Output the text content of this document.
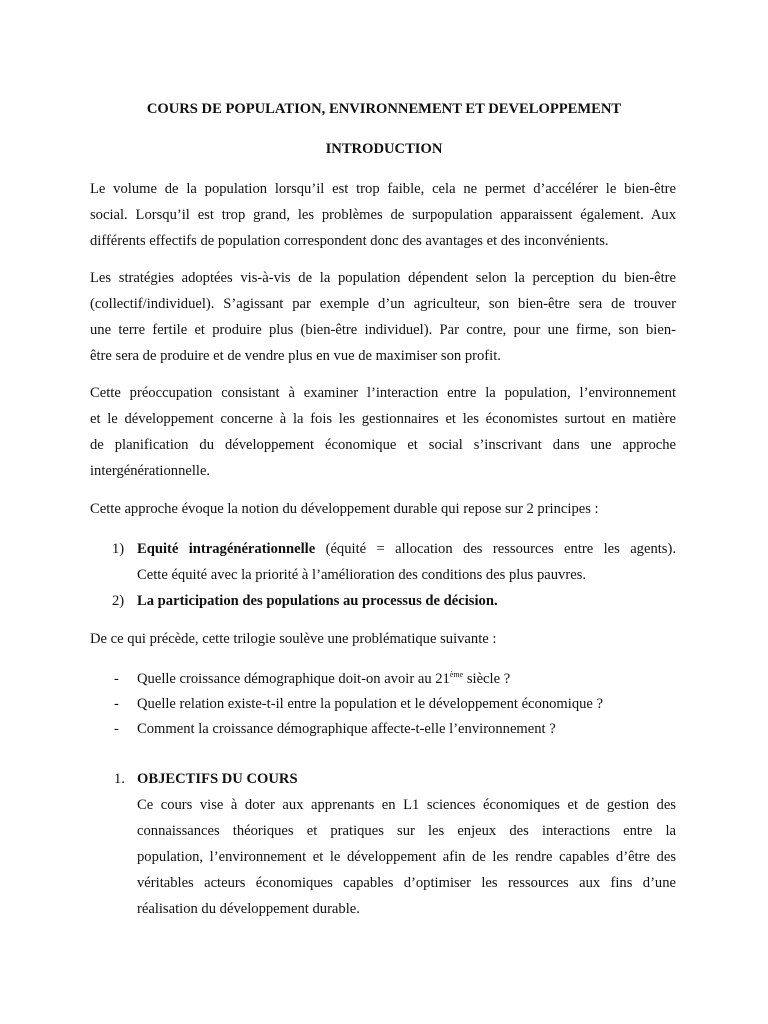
COURS DE POPULATION, ENVIRONNEMENT ET DEVELOPPEMENT
INTRODUCTION
Le volume de la population lorsqu’il est trop faible, cela ne permet d’accélérer le bien-être
social. Lorsqu’il est trop grand, les problèmes de surpopulation apparaissent également. Aux
différents effectifs de population correspondent donc des avantages et des inconvénients.
Les stratégies adoptées vis-à-vis de la population dépendent selon la perception du bien-être
(collectif/individuel). S’agissant par exemple d’un agriculteur, son bien-être sera de trouver
une terre fertile et produire plus (bien-être individuel). Par contre, pour une firme, son bien-
être sera de produire et de vendre plus en vue de maximiser son profit.
Cette préoccupation consistant à examiner l’interaction entre la population, l’environnement
et le développement concerne à la fois les gestionnaires et les économistes surtout en matière
de planification du développement économique et social s’inscrivant dans une approche
intergénérationnelle.
Cette approche évoque la notion du développement durable qui repose sur 2 principes :
1) Equité intragénérationnelle (équité = allocation des ressources entre les agents).
Cette équité avec la priorité à l’amélioration des conditions des plus pauvres.
2) La participation des populations au processus de décision.
De ce qui précède, cette trilogie soulève une problématique suivante :
- Quelle croissance démographique doit-on avoir au 21ème siècle ?
- Quelle relation existe-t-il entre la population et le développement économique ?
- Comment la croissance démographique affecte-t-elle l’environnement ?
1. OBJECTIFS DU COURS
Ce cours vise à doter aux apprenants en L1 sciences économiques et de gestion des
connaissances théoriques et pratiques sur les enjeux des interactions entre la
population, l’environnement et le développement afin de les rendre capables d’être des
véritables acteurs économiques capables d’optimiser les ressources aux fins d’une
réalisation du développement durable.
